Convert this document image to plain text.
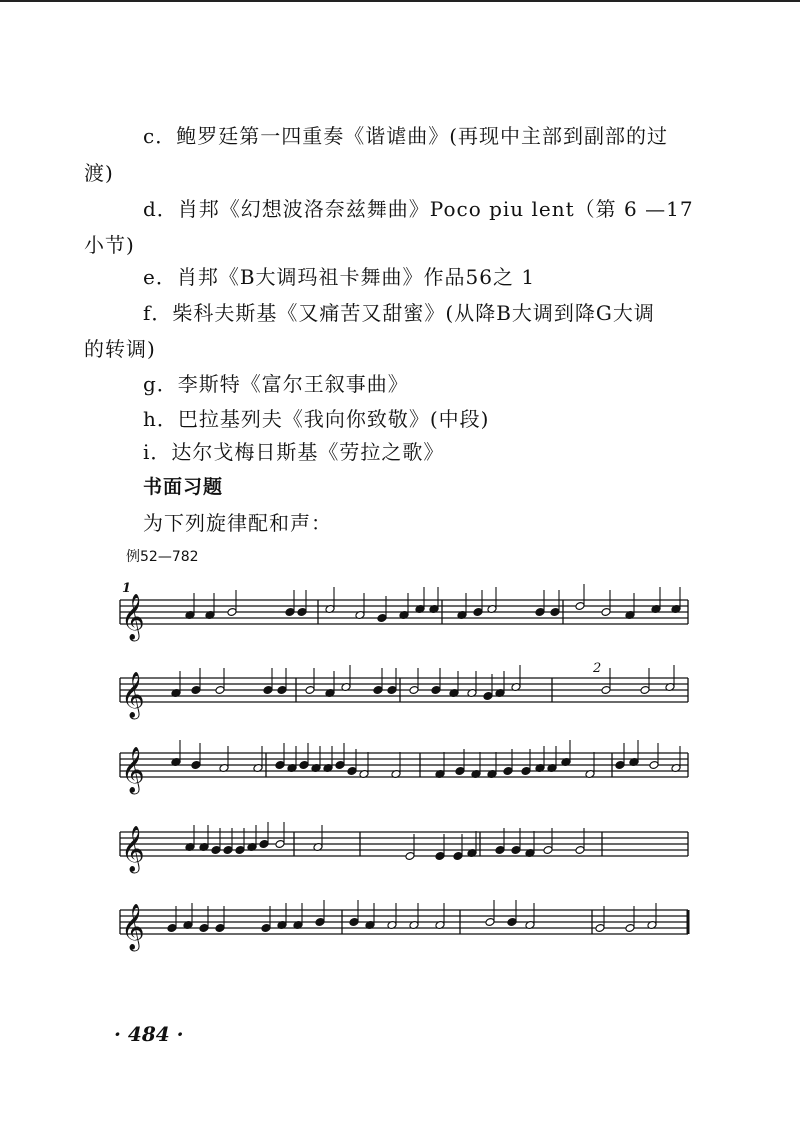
c．鲍罗廷第一四重奏《谐谑曲》(再现中主部到副部的过
渡)
d．肖邦《幻想波洛奈兹舞曲》Poco piu lent（第 6 —17
小节)
e．肖邦《B大调玛祖卡舞曲》作品56之 1
f．柴科夫斯基《又痛苦又甜蜜》(从降B大调到降G大调
的转调)
g．李斯特《富尔王叙事曲》
h．巴拉基列夫《我向你致敬》(中段)
i．达尔戈梅日斯基《劳拉之歌》
书面习题
为下列旋律配和声：
例52—782
𝄞
𝄞
𝄞
𝄞
𝄞
1
2
· 484 ·
